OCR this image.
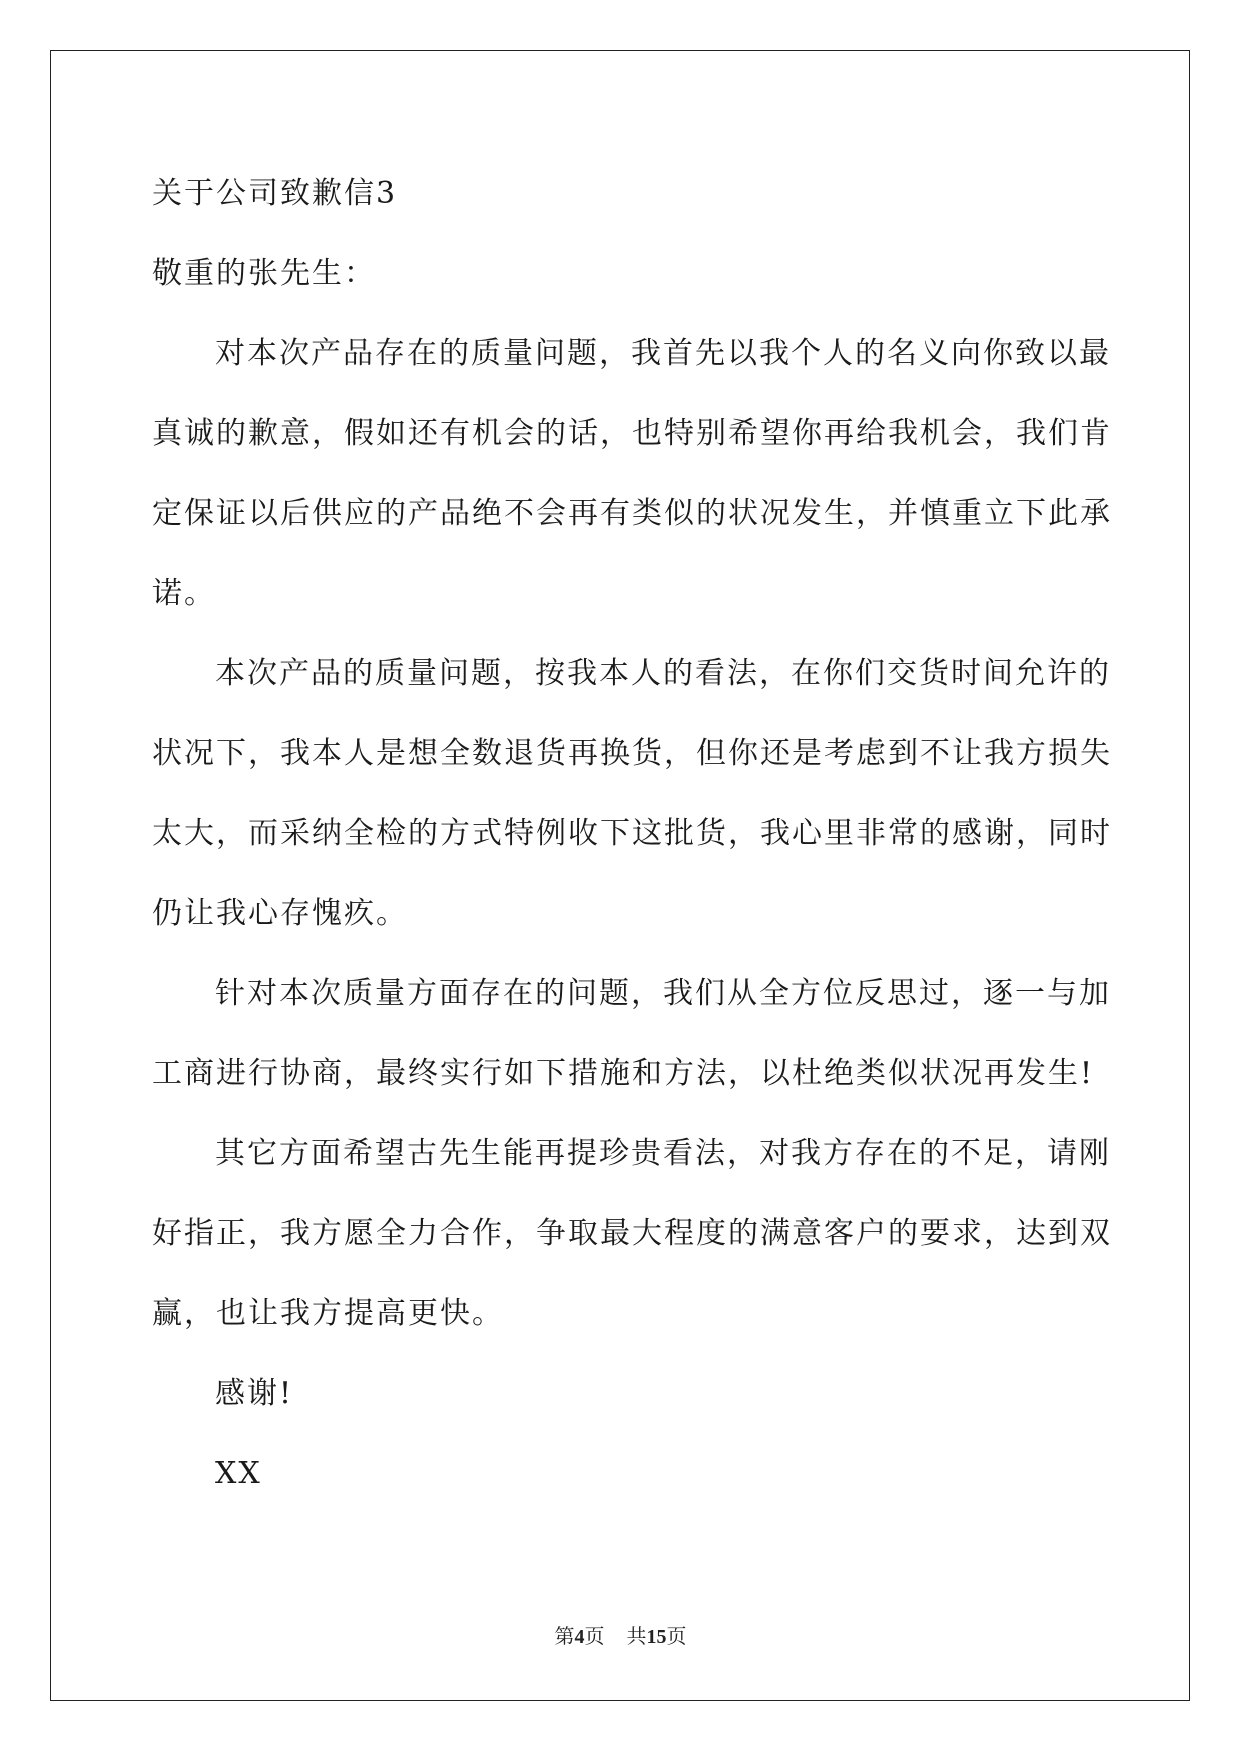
关于公司致歉信3
敬重的张先生：
对本次产品存在的质量问题，我首先以我个人的名义向你致以最
真诚的歉意，假如还有机会的话，也特别希望你再给我机会，我们肯
定保证以后供应的产品绝不会再有类似的状况发生，并慎重立下此承
诺。
本次产品的质量问题，按我本人的看法，在你们交货时间允许的
状况下，我本人是想全数退货再换货，但你还是考虑到不让我方损失
太大，而采纳全检的方式特例收下这批货，我心里非常的感谢，同时
仍让我心存愧疚。
针对本次质量方面存在的问题，我们从全方位反思过，逐一与加
工商进行协商，最终实行如下措施和方法，以杜绝类似状况再发生!
其它方面希望古先生能再提珍贵看法，对我方存在的不足，请刚
好指正，我方愿全力合作，争取最大程度的满意客户的要求，达到双
赢，也让我方提高更快。
感谢!
XX
第4页 共15页
